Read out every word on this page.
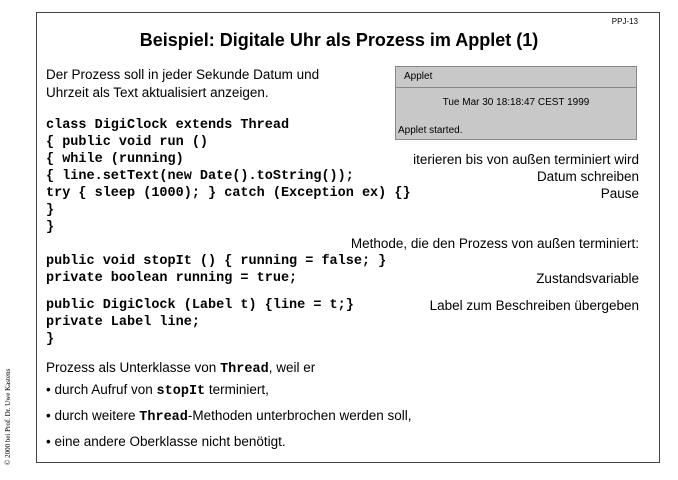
PPJ-13
Beispiel: Digitale Uhr als Prozess im Applet (1)
Der Prozess soll in jeder Sekunde Datum und
Uhrzeit als Text aktualisiert anzeigen.
Applet
Tue Mar 30 18:18:47 CEST 1999
Applet started.
class DigiClock extends Thread
{ public void run ()
{ while (running)
{ line.setText(new Date().toString());
try { sleep (1000); } catch (Exception ex) {}
}
}
public void stopIt () { running = false; }
private boolean running = true;
public DigiClock (Label t) {line = t;}
private Label line;
}
iterieren bis von außen terminiert wird
Datum schreiben
Pause
Methode, die den Prozess von außen terminiert:
Zustandsvariable
Label zum Beschreiben übergeben
Prozess als Unterklasse von Thread, weil er
• durch Aufruf von stopIt terminiert,
• durch weitere Thread-Methoden unterbrochen werden soll,
• eine andere Oberklasse nicht benötigt.
© 2000 bei Prof. Dr. Uwe Kastens
